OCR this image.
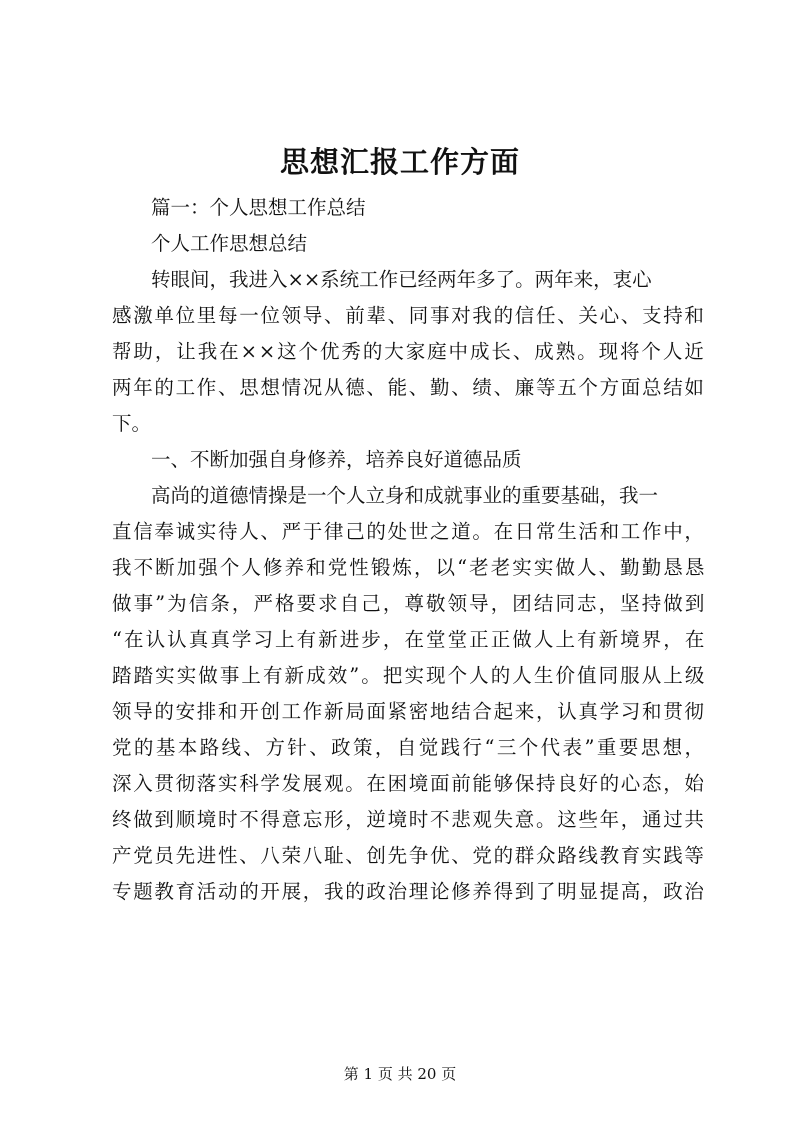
思想汇报工作方面
篇一：个人思想工作总结
个人工作思想总结
转眼间，我进入××系统工作已经两年多了。两年来，衷心
感激单位里每一位领导、前辈、同事对我的信任、关心、支持和
帮助，让我在××这个优秀的大家庭中成长、成熟。现将个人近
两年的工作、思想情况从德、能、勤、绩、廉等五个方面总结如
下。
一、不断加强自身修养，培养良好道德品质
高尚的道德情操是一个人立身和成就事业的重要基础，我一
直信奉诚实待人、严于律己的处世之道。在日常生活和工作中，
我不断加强个人修养和党性锻炼，以“老老实实做人、勤勤恳恳
做事”为信条，严格要求自己，尊敬领导，团结同志，坚持做到
“在认认真真学习上有新进步，在堂堂正正做人上有新境界，在
踏踏实实做事上有新成效”。把实现个人的人生价值同服从上级
领导的安排和开创工作新局面紧密地结合起来，认真学习和贯彻
党的基本路线、方针、政策，自觉践行“三个代表”重要思想，
深入贯彻落实科学发展观。在困境面前能够保持良好的心态，始
终做到顺境时不得意忘形，逆境时不悲观失意。这些年，通过共
产党员先进性、八荣八耻、创先争优、党的群众路线教育实践等
专题教育活动的开展，我的政治理论修养得到了明显提高，政治
第 1 页 共 20 页
